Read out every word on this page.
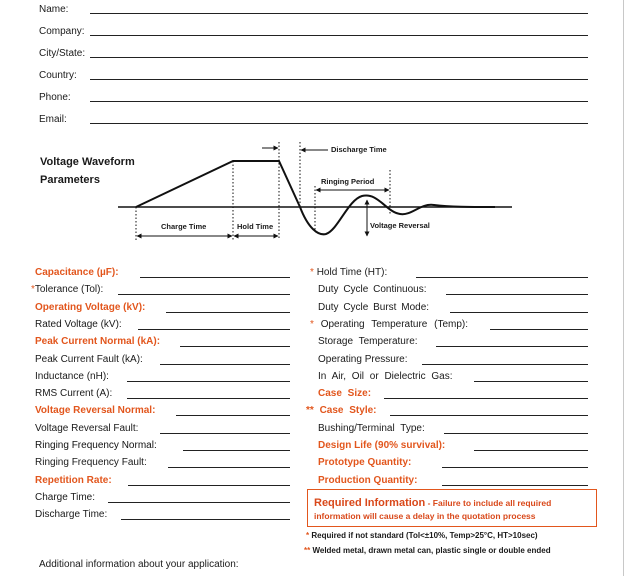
Name:
Company:
City/State:
Country:
Phone:
Email:
Voltage Waveform
Parameters
Discharge Time
Ringing Period
Charge Time	Hold Time	Voltage Reversal
Capacitance (µF):
*Tolerance (Tol):
Operating Voltage (kV):
Rated Voltage (kV):
Peak Current Normal (kA):
Peak Current Fault (kA):
Inductance (nH):
RMS Current (A):
Voltage Reversal Normal:
Voltage Reversal Fault:
Ringing Frequency Normal:
Ringing Frequency Fault:
Repetition Rate:
Charge Time:
Discharge Time:
* Hold Time (HT):
Duty Cycle Continuous:
Duty Cycle Burst Mode:
* Operating Temperature (Temp):
Storage Temperature:
Operating Pressure:
In Air, Oil or Dielectric Gas:
Case Size:
** Case Style:
Bushing/Terminal Type:
Design Life (90% survival):
Prototype Quantity:
Production Quantity:
Required Information - Failure to include all required
information will cause a delay in the quotation process
* Required if not standard (Tol<±10%, Temp>25°C, HT>10sec)
** Welded metal, drawn metal can, plastic single or double ended
Additional information about your application:
